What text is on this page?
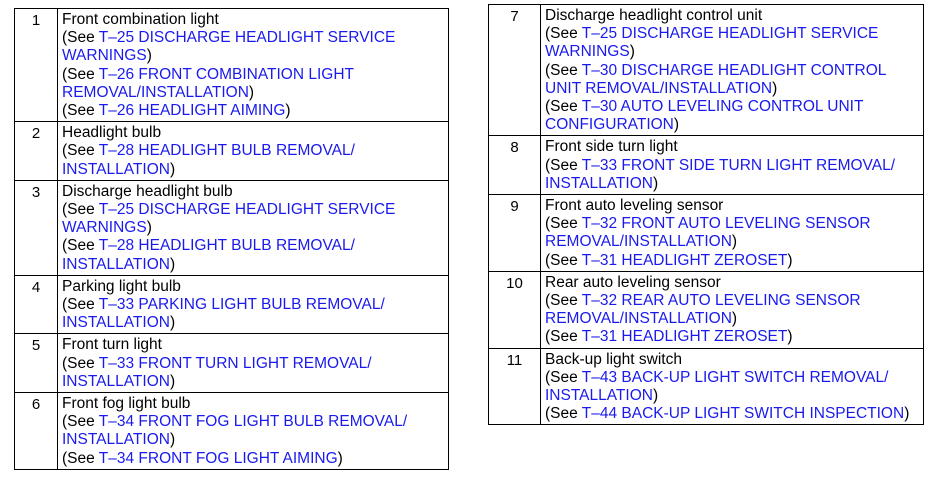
1	Front combination light
(See T–25 DISCHARGE HEADLIGHT SERVICE WARNINGS)
(See T–26 FRONT COMBINATION LIGHT REMOVAL/INSTALLATION)
(See T–26 HEADLIGHT AIMING)

2	Headlight bulb
(See T–28 HEADLIGHT BULB REMOVAL/ INSTALLATION)

3	Discharge headlight bulb
(See T–25 DISCHARGE HEADLIGHT SERVICE WARNINGS)
(See T–28 HEADLIGHT BULB REMOVAL/ INSTALLATION)

4	Parking light bulb
(See T–33 PARKING LIGHT BULB REMOVAL/ INSTALLATION)

5	Front turn light
(See T–33 FRONT TURN LIGHT REMOVAL/ INSTALLATION)

6	Front fog light bulb
(See T–34 FRONT FOG LIGHT BULB REMOVAL/ INSTALLATION)
(See T–34 FRONT FOG LIGHT AIMING)
7	Discharge headlight control unit
(See T–25 DISCHARGE HEADLIGHT SERVICE WARNINGS)
(See T–30 DISCHARGE HEADLIGHT CONTROL UNIT REMOVAL/INSTALLATION)
(See T–30 AUTO LEVELING CONTROL UNIT CONFIGURATION)

8	Front side turn light
(See T–33 FRONT SIDE TURN LIGHT REMOVAL/ INSTALLATION)

9	Front auto leveling sensor
(See T–32 FRONT AUTO LEVELING SENSOR REMOVAL/INSTALLATION)
(See T–31 HEADLIGHT ZEROSET)

10	Rear auto leveling sensor
(See T–32 REAR AUTO LEVELING SENSOR REMOVAL/INSTALLATION)
(See T–31 HEADLIGHT ZEROSET)

11	Back-up light switch
(See T–43 BACK-UP LIGHT SWITCH REMOVAL/ INSTALLATION)
(See T–44 BACK-UP LIGHT SWITCH INSPECTION)
